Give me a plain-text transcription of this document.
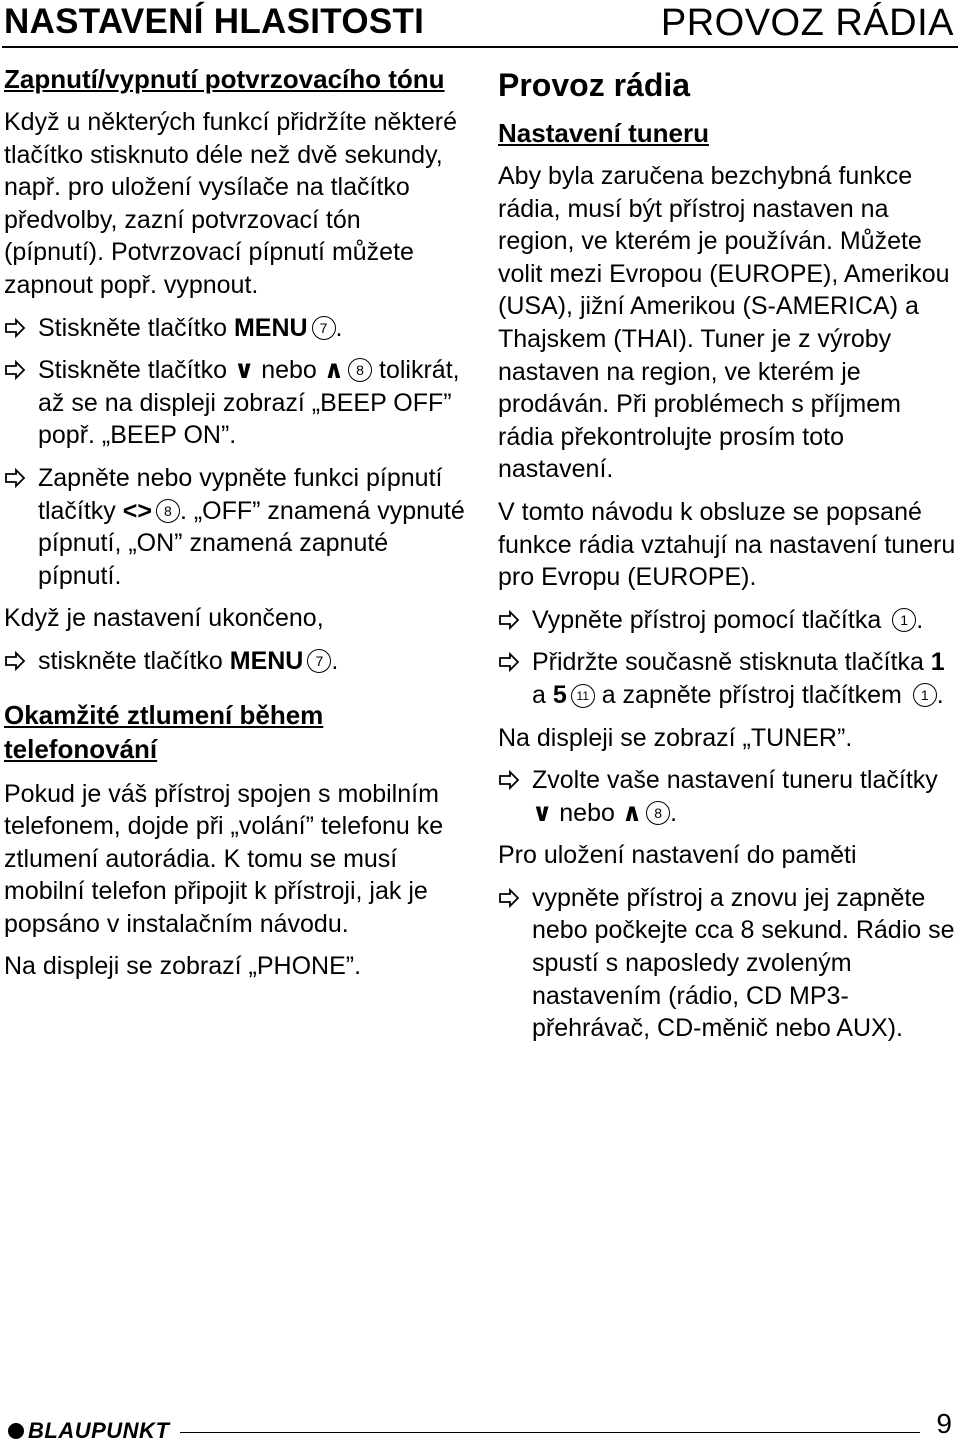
NASTAVENÍ HLASITOSTI	PROVOZ RÁDIA
Zapnutí/vypnutí potvrzovacího tónu

Když u některých funkcí přidržíte některé tlačítko stisknuto déle než dvě sekundy, např. pro uložení vysílače na tlačítko předvolby, zazní potvrzovací tón (pípnutí). Potvrzovací pípnutí můžete zapnout popř. vypnout.

Stiskněte tlačítko MENU 7 .
Stiskněte tlačítko ∨ nebo ∧ 8 tolikrát, až se na displeji zobrazí „BEEP OFF” popř. „BEEP ON”.
Zapněte nebo vypněte funkci pípnutí tlačítky <> 8 . „OFF” znamená vypnuté pípnutí, „ON” znamená zapnuté pípnutí.

Když je nastavení ukončeno,

stiskněte tlačítko MENU 7 .
Okamžité ztlumení během telefonování

Pokud je váš přístroj spojen s mobilním telefonem, dojde při „volání” telefonu ke ztlumení autorádia. K tomu se musí mobilní telefon připojit k přístroji, jak je popsáno v instalačním návodu.

Na displeji se zobrazí „PHONE”.

Provoz rádia
Nastavení tuneru

Aby byla zaručena bezchybná funkce rádia, musí být přístroj nastaven na region, ve kterém je používán. Můžete volit mezi Evropou (EUROPE), Amerikou (USA), jižní Amerikou (S-AMERICA) a Thajskem (THAI). Tuner je z výroby nastaven na region, ve kterém je prodáván. Při problémech s příjmem rádia překontrolujte prosím toto nastavení.

V tomto návodu k obsluze se popsané funkce rádia vztahují na nastavení tuneru pro Evropu (EUROPE).

Vypněte přístroj pomocí tlačítka 1 .
Přidržte současně stisknuta tlačítka 1 a 5 11 a zapněte přístroj tlačítkem 1 .

Na displeji se zobrazí „TUNER”.

Zvolte vaše nastavení tuneru tlačítky ∨ nebo ∧ 8 .

Pro uložení nastavení do paměti

vypněte přístroj a znovu jej zapněte nebo počkejte cca 8 sekund. Rádio se spustí s naposledy zvoleným nastavením (rádio, CD MP3-přehrávač, CD-měnič nebo AUX).
BLAUPUNKT	9
